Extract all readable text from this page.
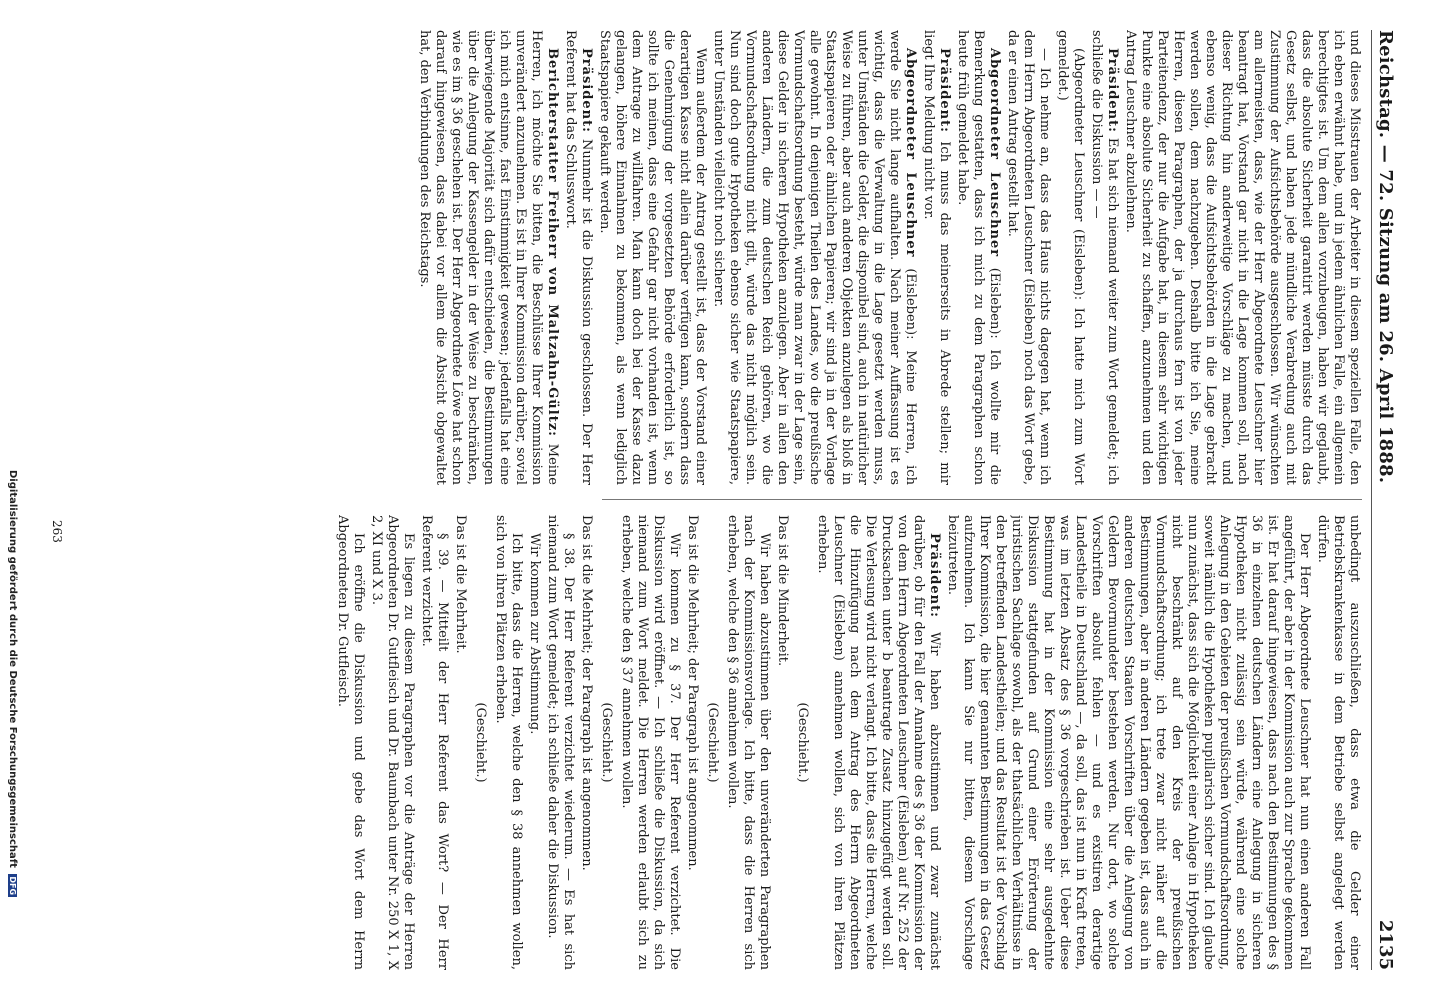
Reichstag. — 72. Sitzung am 26. April 1888.
2135

und dieses Misstrauen der Arbeiter in diesem speziellen Falle, den ich eben erwähnt habe, und in jedem ähnlichen Falle, ein allgemein berechtigtes ist. Um dem allen vorzubeugen, haben wir geglaubt, dass die absolute Sicherheit garantirt werden müsste durch das Gesetz selbst, und haben jede mündliche Verabredung auch mit Zustimmung der Aufsichtsbehörde ausgeschlossen. Wir wünschten am allermeisten, dass, wie der Herr Abgeordnete Leuschner hier beantragt hat, Vorstand gar nicht in die Lage kommen soll, nach dieser Richtung hin anderweitige Vorschläge zu machen, und ebenso wenig, dass die Aufsichtsbehörden in die Lage gebracht werden sollen, dem nachzugeben. Deshalb bitte ich Sie, meine Herren, diesen Paragraphen, der ja durchaus fern ist von jeder Parteitendenz, der nur die Aufgabe hat, in diesem sehr wichtigen Punkte eine absolute Sicherheit zu schaffen, anzunehmen und den Antrag Leuschner abzulehnen.

Präsident: Es hat sich niemand weiter zum Wort gemeldet; ich schließe die Diskussion — —

(Abgeordneter Leuschner (Eisleben): Ich hatte mich zum Wort gemeldet.)

— Ich nehme an, dass das Haus nichts dagegen hat, wenn ich dem Herrn Abgeordneten Leuschner (Eisleben) noch das Wort gebe, da er einen Antrag gestellt hat.

Abgeordneter Leuschner (Eisleben): Ich wollte mir die Bemerkung gestatten, dass ich mich zu dem Paragraphen schon heute früh gemeldet habe.

Präsident: Ich muss das meinerseits in Abrede stellen; mir liegt Ihre Meldung nicht vor.

Abgeordneter Leuschner (Eisleben): Meine Herren, ich werde Sie nicht lange aufhalten. Nach meiner Auffassung ist es wichtig, dass die Verwaltung in die Lage gesetzt werden muss, unter Umständen die Gelder, die disponibel sind, auch in natürlicher Weise zu führen, aber auch anderen Objekten anzulegen als bloß in Staatspapieren oder ähnlichen Papieren; wir sind ja in der Vorlage alle gewohnt. In denjenigen Theilen des Landes, wo die preußische Vormundschaftsordnung besteht, würde man zwar in der Lage sein, diese Gelder in sicheren Hypotheken anzulegen. Aber in allen den anderen Ländern, die zum deutschen Reich gehören, wo die Vormundschaftsordnung nicht gilt, würde das nicht möglich sein. Nun sind doch gute Hypotheken ebenso sicher wie Staatspapiere, unter Umständen vielleicht noch sicherer.

Wenn außerdem der Antrag gestellt ist, dass der Vorstand einer derartigen Kasse nicht allein darüber verfügen kann, sondern dass die Genehmigung der vorgesetzten Behörde erforderlich ist, so sollte ich meinen, dass eine Gefahr gar nicht vorhanden ist, wenn dem Antrage zu willfahren. Man kann doch bei der Kasse dazu gelangen, höhere Einnahmen zu bekommen, als wenn lediglich Staatspapiere gekauft werden.

Präsident: Nunmehr ist die Diskussion geschlossen. Der Herr Referent hat das Schlusswort.

Berichterstatter Freiherr von Maltzahn-Gültz: Meine Herren, ich möchte Sie bitten, die Beschlüsse Ihrer Kommission unverändert anzunehmen. Es ist in Ihrer Kommission darüber, soviel ich mich entsinne, fast Einstimmigkeit gewesen; jedenfalls hat eine überwiegende Majorität sich dafür entschieden, die Bestimmungen über die Anlegung der Kassengelder in der Weise zu beschränken, wie es im § 36 geschehen ist. Der Herr Abgeordnete Löwe hat schon darauf hingewiesen, dass dabei vor allem die Absicht obgewaltet hat, den Verbindungen des Reichstags.

unbedingt auszuschließen, dass etwa die Gelder einer Betriebskrankenkasse in dem Betriebe selbst angelegt werden dürfen.

Der Herr Abgeordnete Leuschner hat nun einen anderen Fall angeführt, der aber in der Kommission auch zur Sprache gekommen ist. Er hat darauf hingewiesen, dass nach den Bestimmungen des § 36 in einzelnen deutschen Ländern eine Anlegung in sicheren Hypotheken nicht zulässig sein würde, während eine solche Anlegung in den Gebieten der preußischen Vormundschaftsordnung, soweit nämlich die Hypotheken pupillarisch sicher sind. Ich glaube nun zunächst, dass sich die Möglichkeit einer Anlage in Hypotheken nicht beschränkt auf den Kreis der preußischen Vormundschaftsordnung; ich trete zwar nicht näher auf die Bestimmungen, aber in anderen Ländern gegeben ist, dass auch in anderen deutschen Staaten Vorschriften über die Anlegung von Geldern Bevormundeter bestehen werden. Nur dort, wo solche Vorschriften absolut fehlen — und es existiren derartige Landestheile in Deutschland —, da soll, das ist nun in Kraft treten, was im letzten Absatz des § 36 vorgeschrieben ist. Ueber diese Bestimmung hat in der Kommission eine sehr ausgedehnte Diskussion stattgefunden auf Grund einer Erörterung der juristischen Sachlage sowohl, als der thatsächlichen Verhältnisse in den betreffenden Landestheilen; und das Resultat ist der Vorschlag Ihrer Kommission, die hier genannten Bestimmungen in das Gesetz aufzunehmen. Ich kann Sie nur bitten, diesem Vorschlage beizutreten.

Präsident: Wir haben abzustimmen und zwar zunächst darüber, ob für den Fall der Annahme des § 36 der Kommission der von dem Herrn Abgeordneten Leuschner (Eisleben) auf Nr. 252 der Drucksachen unter b beantragte Zusatz hinzugefügt werden soll. Die Verlesung wird nicht verlangt. Ich bitte, dass die Herren, welche die Hinzufügung nach dem Antrag des Herrn Abgeordneten Leuschner (Eisleben) annehmen wollen, sich von ihren Plätzen erheben.

(Geschieht.)

Das ist die Minderheit.

Wir haben abzustimmen über den unveränderten Paragraphen nach der Kommissionsvorlage. Ich bitte, dass die Herren sich erheben, welche den § 36 annehmen wollen.

(Geschieht.)

Das ist die Mehrheit; der Paragraph ist angenommen.

Wir kommen zu § 37. Der Herr Referent verzichtet. Die Diskussion wird eröffnet. — Ich schließe die Diskussion, da sich niemand zum Wort meldet. Die Herren werden erlaubt sich zu erheben, welche den § 37 annehmen wollen.

(Geschieht.)

Das ist die Mehrheit; der Paragraph ist angenommen.

§ 38. Der Herr Referent verzichtet wiederum. — Es hat sich niemand zum Wort gemeldet; ich schließe daher die Diskussion.

Wir kommen zur Abstimmung.

Ich bitte, dass die Herren, welche den § 38 annehmen wollen, sich von ihren Plätzen erheben.

(Geschieht.)

Das ist die Mehrheit.

§ 39. — Mitteilt der Herr Referent das Wort? — Der Herr Referent verzichtet.

Es liegen zu diesem Paragraphen vor die Anträge der Herren Abgeordneten Dr. Gutfleisch und Dr. Baumbach unter Nr. 250 X 1, X 2, XI und X 3.

Ich eröffne die Diskussion und gebe das Wort dem Herrn Abgeordneten Dr. Gutfleisch.

263
Digitalisierung gefördert durch die Deutsche Forschungsgemeinschaft DFG
